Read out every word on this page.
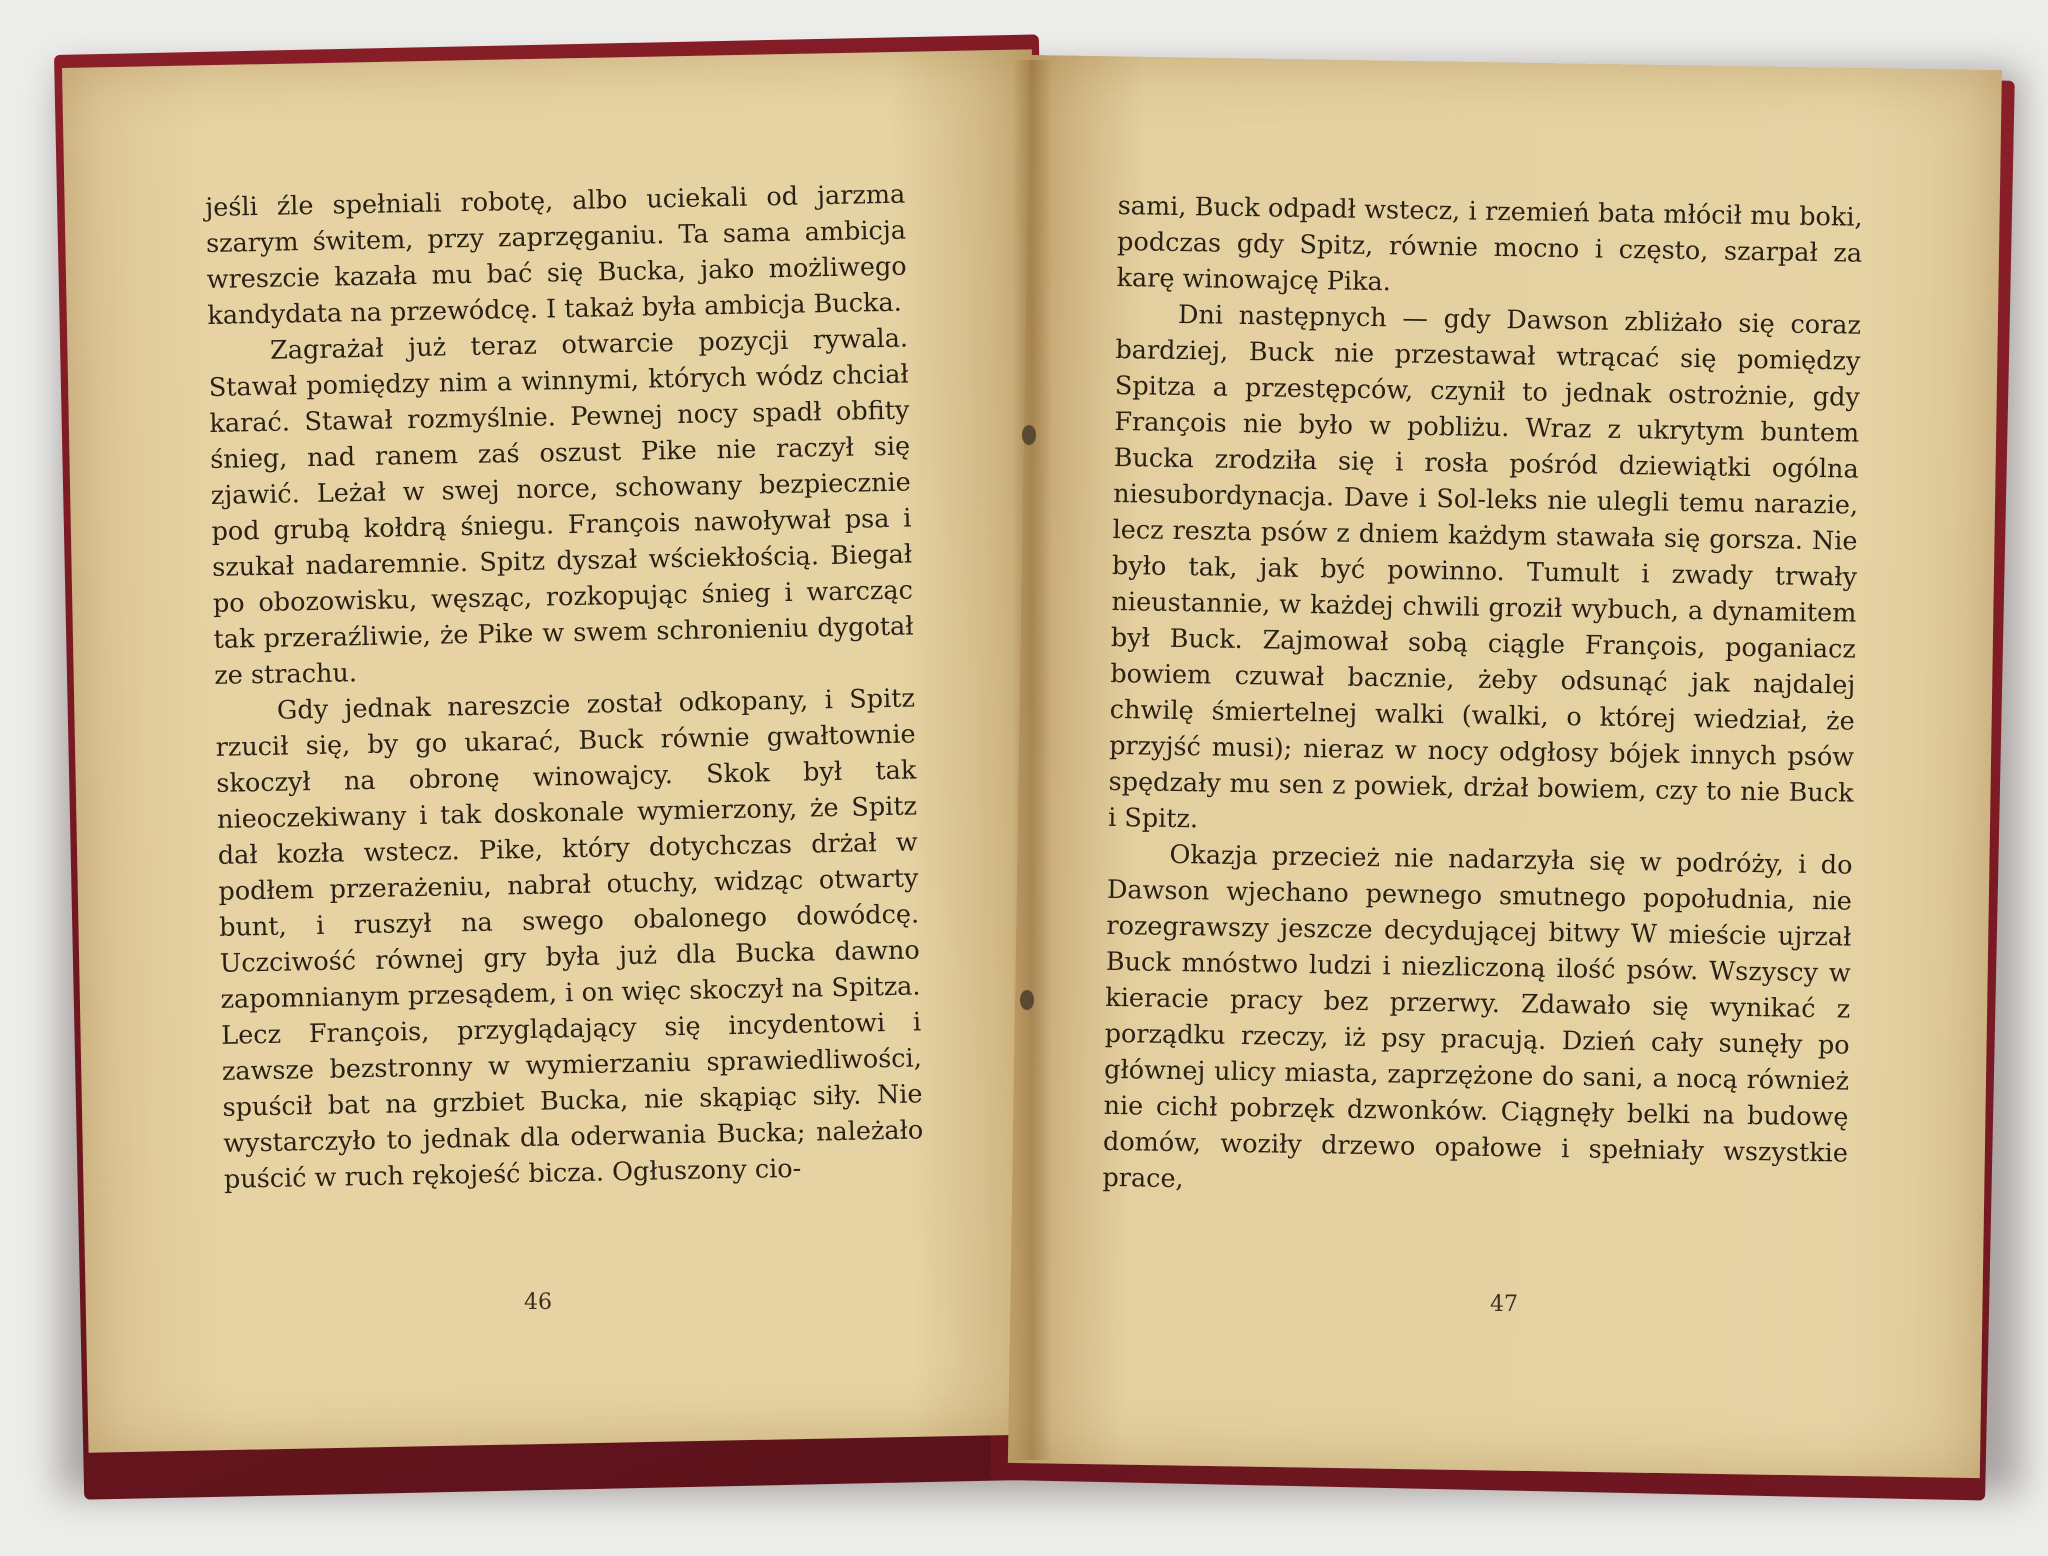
jeśli źle spełniali robotę, albo uciekali od jarzma szarym świtem, przy zaprzęganiu. Ta sama ambicja wreszcie kazała mu bać się Bucka, jako możliwego kandydata na przewódcę. I takaż była ambicja Bucka.

Zagrażał już teraz otwarcie pozycji rywala. Stawał pomiędzy nim a winnymi, których wódz chciał karać. Stawał rozmyślnie. Pewnej nocy spadł obfity śnieg, nad ranem zaś oszust Pike nie raczył się zjawić. Leżał w swej norce, schowany bezpiecznie pod grubą kołdrą śniegu. François nawoływał psa i szukał nadaremnie. Spitz dyszał wściekłością. Biegał po obozowisku, węsząc, rozkopując śnieg i warcząc tak przeraźliwie, że Pike w swem schronieniu dygotał ze strachu.

Gdy jednak nareszcie został odkopany, i Spitz rzucił się, by go ukarać, Buck równie gwałtownie skoczył na obronę winowajcy. Skok był tak nieoczekiwany i tak doskonale wymierzony, że Spitz dał kozła wstecz. Pike, który dotychczas drżał w podłem przerażeniu, nabrał otuchy, widząc otwarty bunt, i ruszył na swego obalonego dowódcę. Uczciwość równej gry była już dla Bucka dawno zapomnianym przesądem, i on więc skoczył na Spitza. Lecz François, przyglądający się incydentowi i zawsze bezstronny w wymierzaniu sprawiedliwości, spuścił bat na grzbiet Bucka, nie skąpiąc siły. Nie wystarczyło to jednak dla oderwania Bucka; należało puścić w ruch rękojeść bicza. Ogłuszony cio-

sami, Buck odpadł wstecz, i rzemień bata młócił mu boki, podczas gdy Spitz, równie mocno i często, szarpał za karę winowajcę Pika.

Dni następnych — gdy Dawson zbliżało się coraz bardziej, Buck nie przestawał wtrącać się pomiędzy Spitza a przestępców, czynił to jednak ostrożnie, gdy François nie było w pobliżu. Wraz z ukrytym buntem Bucka zrodziła się i rosła pośród dziewiątki ogólna niesubordynacja. Dave i Sol-leks nie ulegli temu narazie, lecz reszta psów z dniem każdym stawała się gorsza. Nie było tak, jak być powinno. Tumult i zwady trwały nieustannie, w każdej chwili groził wybuch, a dynamitem był Buck. Zajmował sobą ciągle François, poganiacz bowiem czuwał bacznie, żeby odsunąć jak najdalej chwilę śmiertelnej walki (walki, o której wiedział, że przyjść musi); nieraz w nocy odgłosy bójek innych psów spędzały mu sen z powiek, drżał bowiem, czy to nie Buck i Spitz.

Okazja przecież nie nadarzyła się w podróży, i do Dawson wjechano pewnego smutnego popołudnia, nie rozegrawszy jeszcze decydującej bitwy W mieście ujrzał Buck mnóstwo ludzi i niezliczoną ilość psów. Wszyscy w kieracie pracy bez przerwy. Zdawało się wynikać z porządku rzeczy, iż psy pracują. Dzień cały sunęły po głównej ulicy miasta, zaprzężone do sani, a nocą również nie cichł pobrzęk dzwonków. Ciągnęły belki na budowę domów, woziły drzewo opałowe i spełniały wszystkie prace,

46	47
